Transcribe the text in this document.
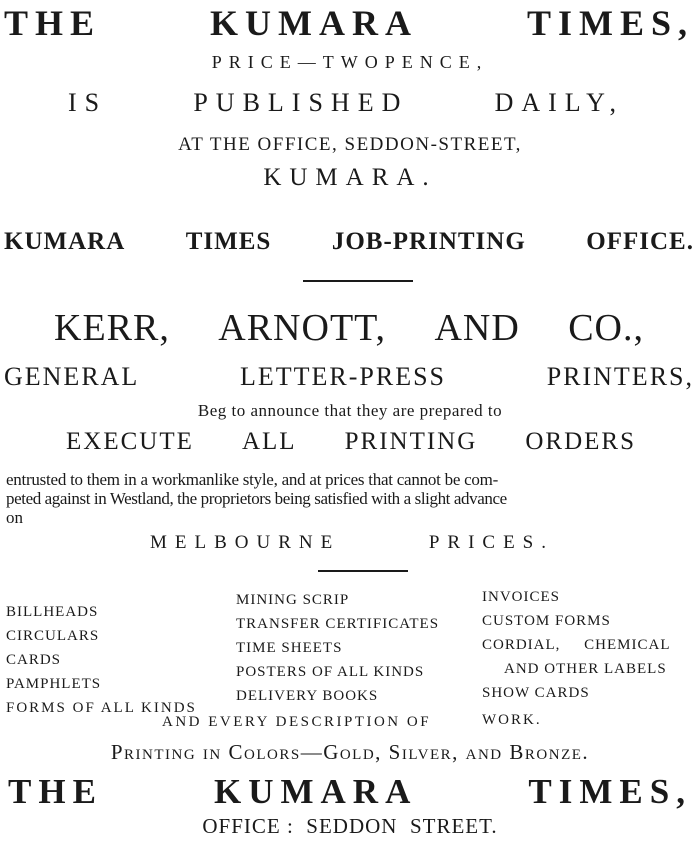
THE	KUMARA	TIMES,
PRICE—TWOPENCE,
IS	PUBLISHED	DAILY,
AT THE OFFICE, SEDDON-STREET,
KUMARA.
KUMARA TIMES JOB-PRINTING OFFICE.
KERR, ARNOTT, AND CO.,
GENERAL	LETTER-PRESS	PRINTERS,
Beg to announce that they are prepared to
EXECUTE ALL PRINTING ORDERS
entrusted to them in a workmanlike style, and at prices that cannot be com-
peted against in Westland, the proprietors being satisfied with a slight advance
on
MELBOURNE	PRICES.
BILLHEADS
CIRCULARS
CARDS
PAMPHLETS
FORMS OF ALL KINDS
MINING SCRIP
TRANSFER CERTIFICATES
TIME SHEETS
POSTERS OF ALL KINDS
DELIVERY BOOKS
INVOICES
CUSTOM FORMS
CORDIAL,     CHEMICAL
AND OTHER LABELS
SHOW CARDS
AND EVERY DESCRIPTION OF	WORK.
Printing in Colors—Gold, Silver, and Bronze.
THE	KUMARA	TIMES,
OFFICE :  SEDDON  STREET.
